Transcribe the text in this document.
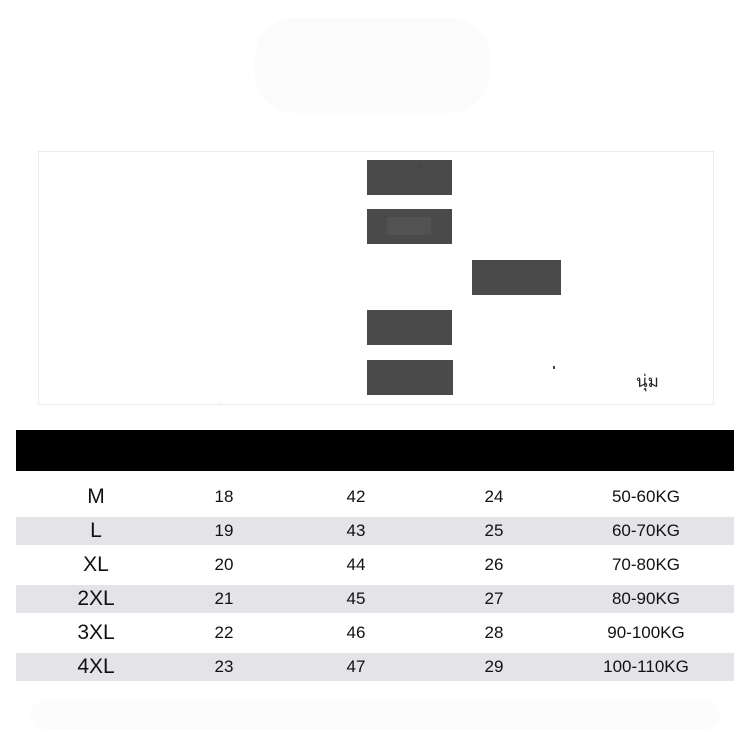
นุ่ม
M	18	42	24	50-60KG
L	19	43	25	60-70KG
XL	20	44	26	70-80KG
2XL	21	45	27	80-90KG
3XL	22	46	28	90-100KG
4XL	23	47	29	100-110KG
